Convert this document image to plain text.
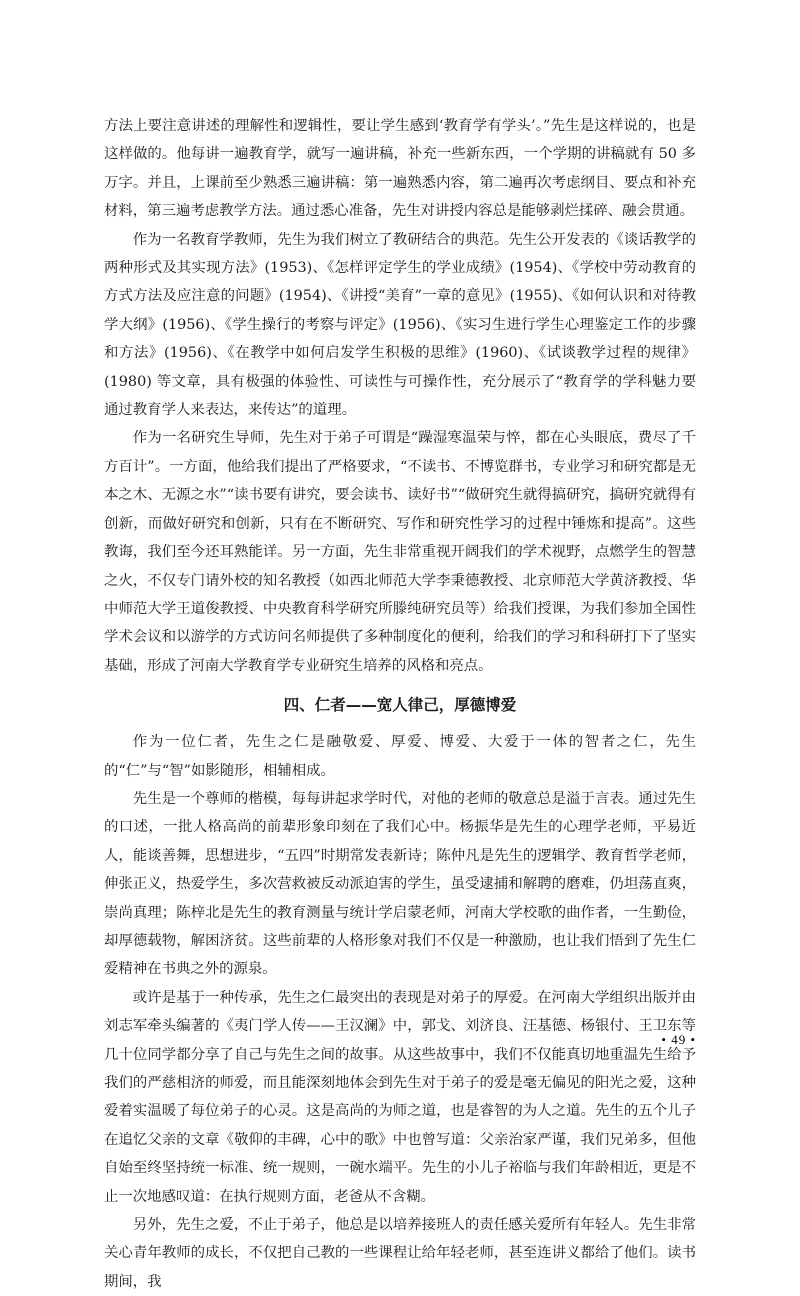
方法上要注意讲述的理解性和逻辑性，要让学生感到‘教育学有学头’。”先生是这样说的，也是这样做的。他每讲一遍教育学，就写一遍讲稿，补充一些新东西，一个学期的讲稿就有 50 多万字。并且，上课前至少熟悉三遍讲稿：第一遍熟悉内容，第二遍再次考虑纲目、要点和补充材料，第三遍考虑教学方法。通过悉心准备，先生对讲授内容总是能够剥烂揉碎、融会贯通。

作为一名教育学教师，先生为我们树立了教研结合的典范。先生公开发表的《谈话教学的两种形式及其实现方法》(1953)、《怎样评定学生的学业成绩》(1954)、《学校中劳动教育的方式方法及应注意的问题》(1954)、《讲授“美育”一章的意见》(1955)、《如何认识和对待教学大纲》(1956)、《学生操行的考察与评定》(1956)、《实习生进行学生心理鉴定工作的步骤和方法》(1956)、《在教学中如何启发学生积极的思维》(1960)、《试谈教学过程的规律》(1980) 等文章，具有极强的体验性、可读性与可操作性，充分展示了“教育学的学科魅力要通过教育学人来表达，来传达”的道理。

作为一名研究生导师，先生对于弟子可谓是“躁湿寒温荣与悴，都在心头眼底，费尽了千方百计”。一方面，他给我们提出了严格要求，“不读书、不博览群书，专业学习和研究都是无本之木、无源之水”“读书要有讲究，要会读书、读好书”“做研究生就得搞研究，搞研究就得有创新，而做好研究和创新，只有在不断研究、写作和研究性学习的过程中锤炼和提高”。这些教诲，我们至今还耳熟能详。另一方面，先生非常重视开阔我们的学术视野，点燃学生的智慧之火，不仅专门请外校的知名教授（如西北师范大学李秉德教授、北京师范大学黄济教授、华中师范大学王道俊教授、中央教育科学研究所滕纯研究员等）给我们授课，为我们参加全国性学术会议和以游学的方式访问名师提供了多种制度化的便利，给我们的学习和科研打下了坚实基础，形成了河南大学教育学专业研究生培养的风格和亮点。

四、仁者——宽人律己，厚德博爱

作为一位仁者，先生之仁是融敬爱、厚爱、博爱、大爱于一体的智者之仁，先生的“仁”与“智”如影随形，相辅相成。

先生是一个尊师的楷模，每每讲起求学时代，对他的老师的敬意总是溢于言表。通过先生的口述，一批人格高尚的前辈形象印刻在了我们心中。杨振华是先生的心理学老师，平易近人，能谈善舞，思想进步，“五四”时期常发表新诗；陈仲凡是先生的逻辑学、教育哲学老师，伸张正义，热爱学生，多次营救被反动派迫害的学生，虽受逮捕和解聘的磨难，仍坦荡直爽，崇尚真理；陈梓北是先生的教育测量与统计学启蒙老师，河南大学校歌的曲作者，一生勤俭，却厚德载物，解困济贫。这些前辈的人格形象对我们不仅是一种激励，也让我们悟到了先生仁爱精神在书典之外的源泉。

或许是基于一种传承，先生之仁最突出的表现是对弟子的厚爱。在河南大学组织出版并由刘志军牵头编著的《夷门学人传——王汉澜》中，郭戈、刘济良、汪基德、杨银付、王卫东等几十位同学都分享了自己与先生之间的故事。从这些故事中，我们不仅能真切地重温先生给予我们的严慈相济的师爱，而且能深刻地体会到先生对于弟子的爱是毫无偏见的阳光之爱，这种爱着实温暖了每位弟子的心灵。这是高尚的为师之道，也是睿智的为人之道。先生的五个儿子在追忆父亲的文章《敬仰的丰碑，心中的歌》中也曾写道：父亲治家严谨，我们兄弟多，但他自始至终坚持统一标准、统一规则，一碗水端平。先生的小儿子裕临与我们年龄相近，更是不止一次地感叹道：在执行规则方面，老爸从不含糊。

另外，先生之爱，不止于弟子，他总是以培养接班人的责任感关爱所有年轻人。先生非常关心青年教师的成长，不仅把自己教的一些课程让给年轻老师，甚至连讲义都给了他们。读书期间，我

• 49 •
